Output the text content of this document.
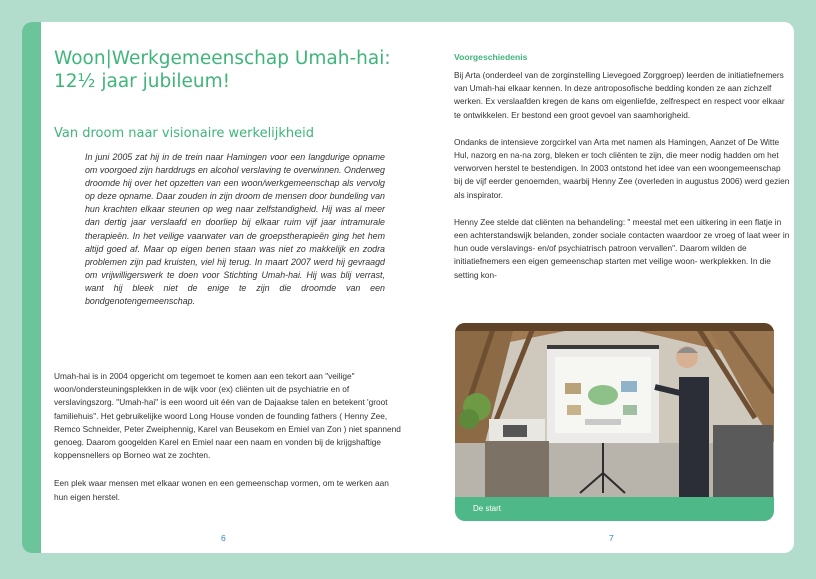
Woon|Werkgemeenschap Umah-hai:
12½ jaar jubileum!
Van droom naar visionaire werkelijkheid
In juni 2005 zat hij in de trein naar Hamingen voor een langdurige opname om voorgoed zijn harddrugs en alcohol verslaving te overwinnen. Onderweg droomde hij over het opzetten van een woon/werkgemeenschap als vervolg op deze opname. Daar zouden in zijn droom de mensen door bundeling van hun krachten elkaar steunen op weg naar zelfstandigheid. Hij was al meer dan dertig jaar verslaafd en doorliep bij elkaar ruim vijf jaar intramurale therapieën. In het veilige vaarwater van de groepstherapieën ging het hem altijd goed af. Maar op eigen benen staan was niet zo makkelijk en zodra problemen zijn pad kruisten, viel hij terug. In maart 2007 werd hij gevraagd om vrijwilligerswerk te doen voor Stichting Umah-hai. Hij was blij verrast, want hij bleek niet de enige te zijn die droomde van een bondgenotengemeenschap.

Umah-hai is in 2004 opgericht om tegemoet te komen aan een tekort aan "veilige" woon/ondersteuningsplekken in de wijk voor (ex) cliënten uit de psychiatrie en of verslavingszorg. "Umah-hai" is een woord uit één van de Dajaakse talen en betekent 'groot familiehuis". Het gebruikelijke woord Long House vonden de founding fathers ( Henny Zee, Remco Schneider, Peter Zweiphennig, Karel van Beusekom en Emiel van Zon ) niet spannend genoeg. Daarom googelden Karel en Emiel naar een naam en vonden bij de krijgshaftige koppensnellers op Borneo wat ze zochten.

Een plek waar mensen met elkaar wonen en een gemeenschap vormen, om te werken aan hun eigen herstel.

6
Voorgeschiedenis

Bij Arta (onderdeel van de zorginstelling Lievegoed Zorggroep) leerden de initiatiefnemers van Umah-hai elkaar kennen. In deze antroposofische bedding konden ze aan zichzelf werken. Ex verslaafden kregen de kans om eigenliefde, zelfrespect en respect voor elkaar te ontwikkelen. Er bestond een groot gevoel van saamhorigheid.

Ondanks de intensieve zorgcirkel van Arta met namen als Hamingen, Aanzet of De Witte Hul, nazorg en na-na zorg, bleken er toch cliënten te zijn, die meer nodig hadden om het verworven herstel te bestendigen. In 2003 ontstond het idee van een woongemeenschap bij de vijf eerder genoemden, waarbij Henny Zee (overleden in augustus 2006) werd gezien als inspirator.

Henny Zee stelde dat cliënten na behandeling: " meestal met een uitkering in een flatje in een achterstandswijk belanden, zonder sociale contacten waardoor ze vroeg of laat weer in hun oude verslavings- en/of psychiatrisch patroon vervallen". Daarom wilden de initiatiefnemers een eigen gemeenschap starten met veilige woon- werkplekken. In die setting kon-

De start

7
